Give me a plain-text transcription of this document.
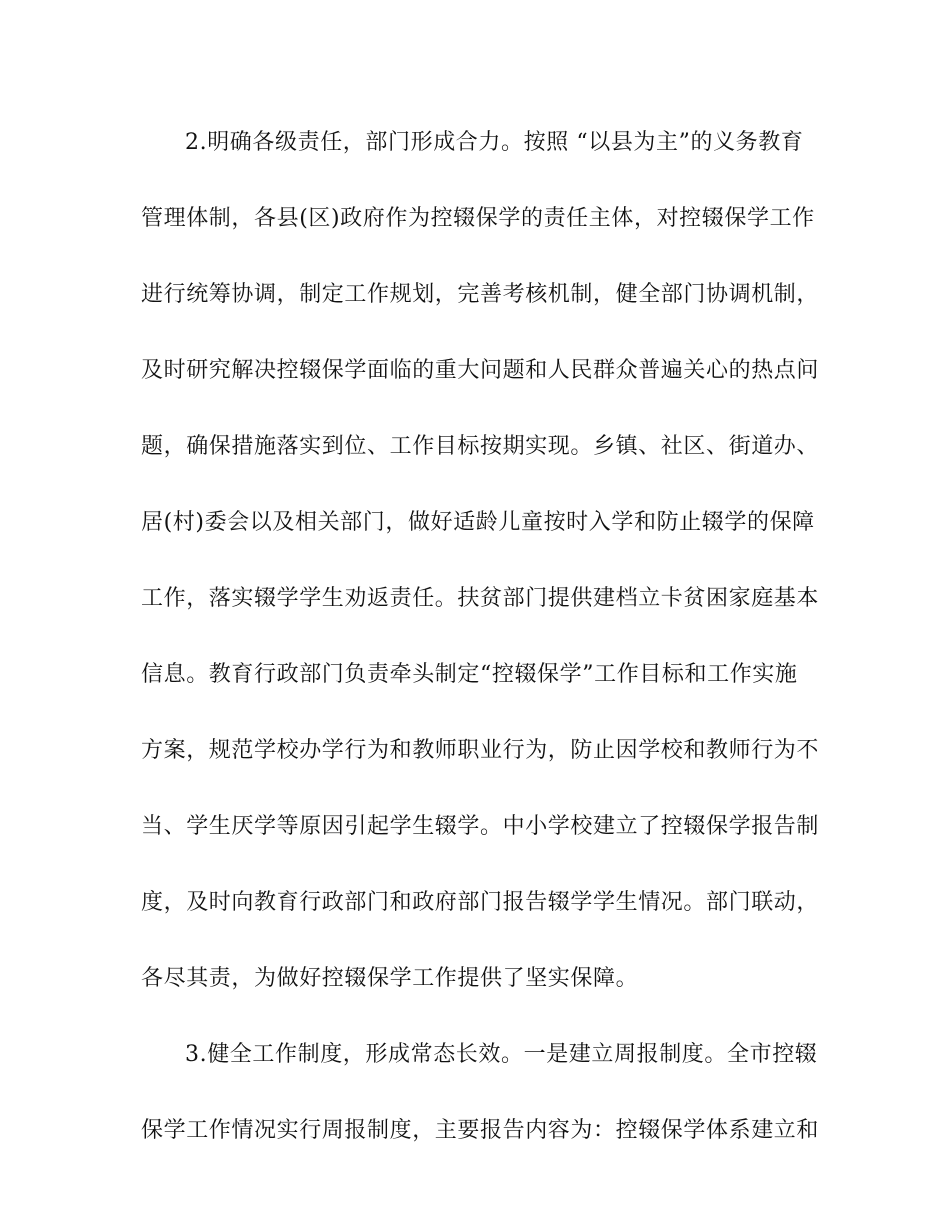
2.明确各级责任，部门形成合力。按照 “以县为主”的义务教育
管理体制，各县(区)政府作为控辍保学的责任主体，对控辍保学工作
进行统筹协调，制定工作规划，完善考核机制，健全部门协调机制，
及时研究解决控辍保学面临的重大问题和人民群众普遍关心的热点问
题，确保措施落实到位、工作目标按期实现。乡镇、社区、街道办、
居(村)委会以及相关部门，做好适龄儿童按时入学和防止辍学的保障
工作，落实辍学学生劝返责任。扶贫部门提供建档立卡贫困家庭基本
信息。教育行政部门负责牵头制定“控辍保学”工作目标和工作实施
方案，规范学校办学行为和教师职业行为，防止因学校和教师行为不
当、学生厌学等原因引起学生辍学。中小学校建立了控辍保学报告制
度，及时向教育行政部门和政府部门报告辍学学生情况。部门联动，
各尽其责，为做好控辍保学工作提供了坚实保障。
3.健全工作制度，形成常态长效。一是建立周报制度。全市控辍
保学工作情况实行周报制度，主要报告内容为：控辍保学体系建立和
